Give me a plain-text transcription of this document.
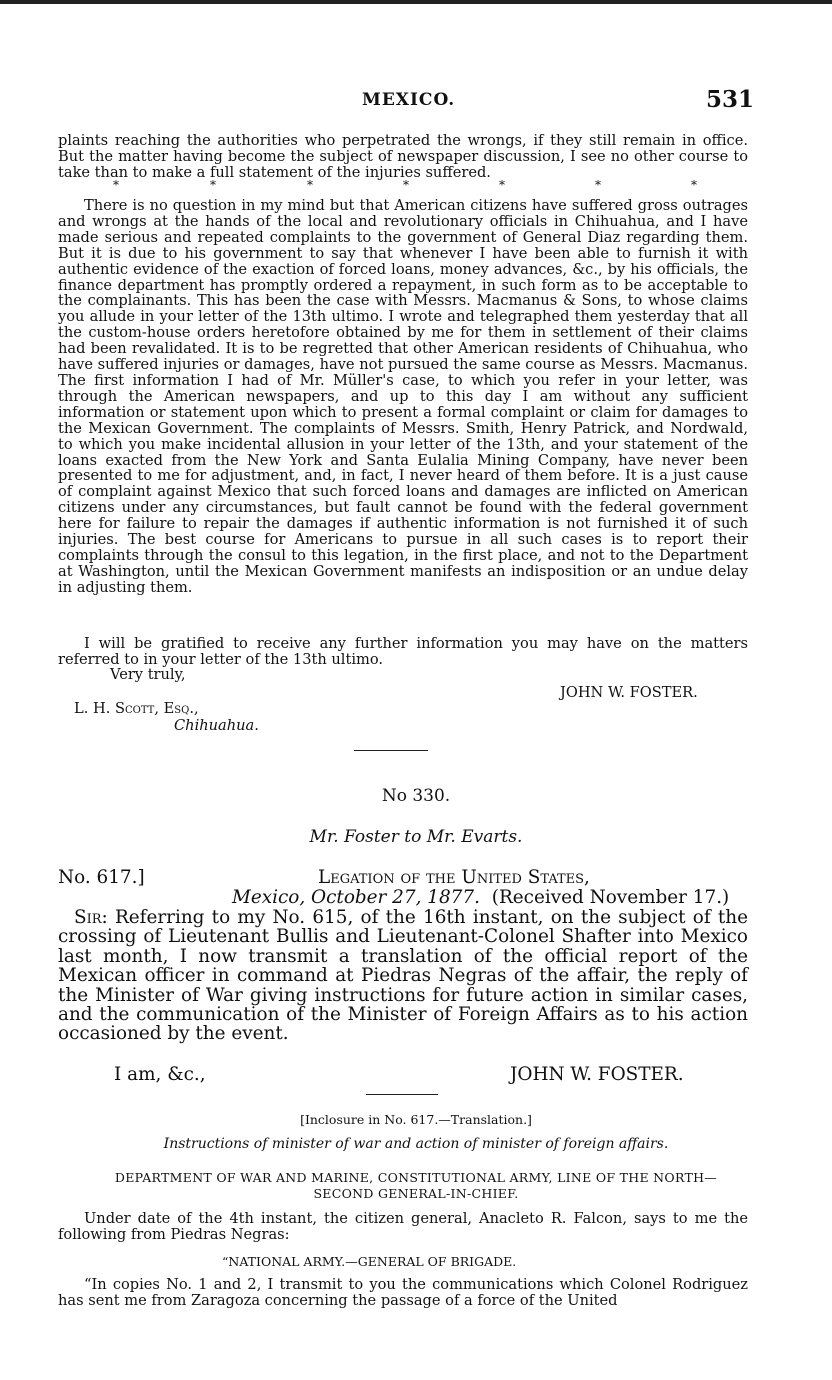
MEXICO.	531

plaints reaching the authorities who perpetrated the wrongs, if they still remain in office. But the matter having become the subject of newspaper discussion, I see no other course to take than to make a full statement of the injuries suffered.

*	*	*	*	*	*	*

There is no question in my mind but that American citizens have suffered gross outrages and wrongs at the hands of the local and revolutionary officials in Chihuahua, and I have made serious and repeated complaints to the government of General Diaz regarding them. But it is due to his government to say that whenever I have been able to furnish it with authentic evidence of the exaction of forced loans, money advances, &c., by his officials, the finance department has promptly ordered a repayment, in such form as to be acceptable to the complainants. This has been the case with Messrs. Macmanus & Sons, to whose claims you allude in your letter of the 13th ultimo. I wrote and telegraphed them yesterday that all the custom-house orders heretofore obtained by me for them in settlement of their claims had been revalidated. It is to be regretted that other American residents of Chihuahua, who have suffered injuries or damages, have not pursued the same course as Messrs. Macmanus. The first information I had of Mr. Müller's case, to which you refer in your letter, was through the American newspapers, and up to this day I am without any sufficient information or statement upon which to present a formal complaint or claim for damages to the Mexican Government. The complaints of Messrs. Smith, Henry Patrick, and Nordwald, to which you make incidental allusion in your letter of the 13th, and your statement of the loans exacted from the New York and Santa Eulalia Mining Company, have never been presented to me for adjustment, and, in fact, I never heard of them before. It is a just cause of complaint against Mexico that such forced loans and damages are inflicted on American citizens under any circumstances, but fault cannot be found with the federal government here for failure to repair the damages if authentic information is not furnished it of such injuries. The best course for Americans to pursue in all such cases is to report their complaints through the consul to this legation, in the first place, and not to the Department at Washington, until the Mexican Government manifests an indisposition or an undue delay in adjusting them.

I will be gratified to receive any further information you may have on the matters referred to in your letter of the 13th ultimo.

Very truly,
JOHN W. FOSTER.
L. H. Scott, Esq.,
Chihuahua.
No 330.
Mr. Foster to Mr. Evarts.
No. 617.]	Legation of the United States,
Mexico, October 27, 1877. (Received November 17.)

Sir: Referring to my No. 615, of the 16th instant, on the subject of the crossing of Lieutenant Bullis and Lieutenant-Colonel Shafter into Mexico last month, I now transmit a translation of the official report of the Mexican officer in command at Piedras Negras of the affair, the reply of the Minister of War giving instructions for future action in similar cases, and the communication of the Minister of Foreign Affairs as to his action occasioned by the event.

I am, &c.,	JOHN W. FOSTER.
[Inclosure in No. 617.—Translation.]
Instructions of minister of war and action of minister of foreign affairs.
DEPARTMENT OF WAR AND MARINE, CONSTITUTIONAL ARMY, LINE OF THE NORTH—
SECOND GENERAL-IN-CHIEF.

Under date of the 4th instant, the citizen general, Anacleto R. Falcon, says to me the following from Piedras Negras:

“NATIONAL ARMY.—GENERAL OF BRIGADE.

“In copies No. 1 and 2, I transmit to you the communications which Colonel Rodriguez has sent me from Zaragoza concerning the passage of a force of the United
